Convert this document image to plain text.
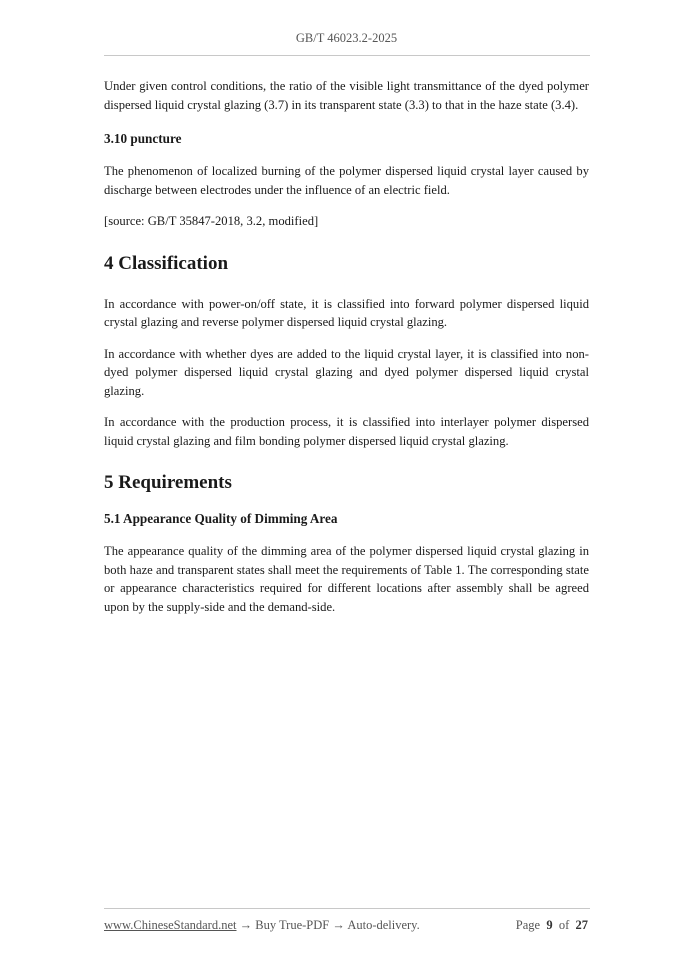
GB/T 46023.2-2025

Under given control conditions, the ratio of the visible light transmittance of the dyed polymer dispersed liquid crystal glazing (3.7) in its transparent state (3.3) to that in the haze state (3.4).

3.10 puncture

The phenomenon of localized burning of the polymer dispersed liquid crystal layer caused by discharge between electrodes under the influence of an electric field.

[source: GB/T 35847-2018, 3.2, modified]

4 Classification

In accordance with power-on/off state, it is classified into forward polymer dispersed liquid crystal glazing and reverse polymer dispersed liquid crystal glazing.

In accordance with whether dyes are added to the liquid crystal layer, it is classified into non-dyed polymer dispersed liquid crystal glazing and dyed polymer dispersed liquid crystal glazing.

In accordance with the production process, it is classified into interlayer polymer dispersed liquid crystal glazing and film bonding polymer dispersed liquid crystal glazing.

5 Requirements
5.1 Appearance Quality of Dimming Area

The appearance quality of the dimming area of the polymer dispersed liquid crystal glazing in both haze and transparent states shall meet the requirements of Table 1. The corresponding state or appearance characteristics required for different locations after assembly shall be agreed upon by the supply-side and the demand-side.

www.ChineseStandard.net → Buy True-PDF → Auto-delivery.	Page 9 of 27
